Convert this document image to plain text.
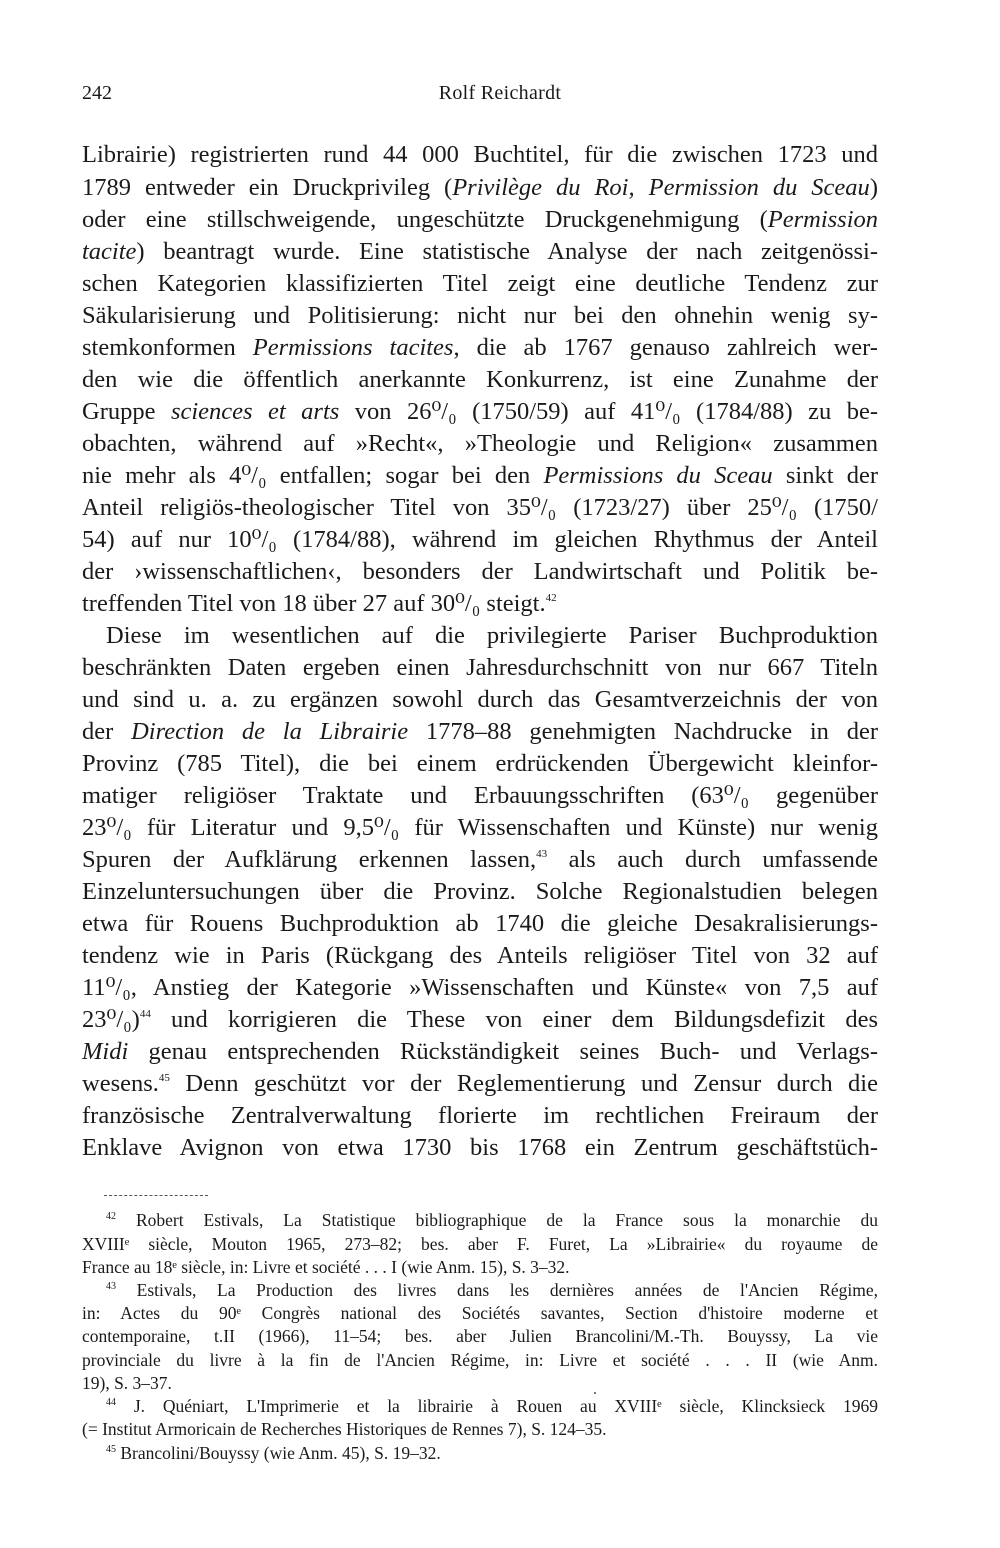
242	Rolf Reichardt
Librairie) registrierten rund 44 000 Buchtitel, für die zwischen 1723 und
1789 entweder ein Druckprivileg (Privilège du Roi, Permission du Sceau)
oder eine stillschweigende, ungeschützte Druckgenehmigung (Permission
tacite) beantragt wurde. Eine statistische Analyse der nach zeitgenössi-
schen Kategorien klassifizierten Titel zeigt eine deutliche Tendenz zur
Säkularisierung und Politisierung: nicht nur bei den ohnehin wenig sy-
stemkonformen Permissions tacites, die ab 1767 genauso zahlreich wer-
den wie die öffentlich anerkannte Konkurrenz, ist eine Zunahme der
Gruppe sciences et arts von 26⁰/₀ (1750/59) auf 41⁰/₀ (1784/88) zu be-
obachten, während auf »Recht«, »Theologie und Religion« zusammen
nie mehr als 4⁰/₀ entfallen; sogar bei den Permissions du Sceau sinkt der
Anteil religiös-theologischer Titel von 35⁰/₀ (1723/27) über 25⁰/₀ (1750/
54) auf nur 10⁰/₀ (1784/88), während im gleichen Rhythmus der Anteil
der ›wissenschaftlichen‹, besonders der Landwirtschaft und Politik be-
treffenden Titel von 18 über 27 auf 30⁰/₀ steigt.$^{42}$
Diese im wesentlichen auf die privilegierte Pariser Buchproduktion
beschränkten Daten ergeben einen Jahresdurchschnitt von nur 667 Titeln
und sind u. a. zu ergänzen sowohl durch das Gesamtverzeichnis der von
der Direction de la Librairie 1778–88 genehmigten Nachdrucke in der
Provinz (785 Titel), die bei einem erdrückenden Übergewicht kleinfor-
matiger religiöser Traktate und Erbauungsschriften (63⁰/₀ gegenüber
23⁰/₀ für Literatur und 9,5⁰/₀ für Wissenschaften und Künste) nur wenig
Spuren der Aufklärung erkennen lassen,$^{43}$ als auch durch umfassende
Einzeluntersuchungen über die Provinz. Solche Regionalstudien belegen
etwa für Rouens Buchproduktion ab 1740 die gleiche Desakralisierungs-
tendenz wie in Paris (Rückgang des Anteils religiöser Titel von 32 auf
11⁰/₀, Anstieg der Kategorie »Wissenschaften und Künste« von 7,5 auf
23⁰/₀)$^{44}$ und korrigieren die These von einer dem Bildungsdefizit des
Midi genau entsprechenden Rückständigkeit seines Buch- und Verlags-
wesens.$^{45}$ Denn geschützt vor der Reglementierung und Zensur durch die
französische Zentralverwaltung florierte im rechtlichen Freiraum der
Enklave Avignon von etwa 1730 bis 1768 ein Zentrum geschäftstüch-
$^{42}$ Robert Estivals, La Statistique bibliographique de la France sous la monarchie du
XVIIIᵉ siècle, Mouton 1965, 273–82; bes. aber F. Furet, La »Librairie« du royaume de
France au 18ᵉ siècle, in: Livre et société . . . I (wie Anm. 15), S. 3–32.
$^{43}$ Estivals, La Production des livres dans les dernières années de l'Ancien Régime,
in: Actes du 90ᵉ Congrès national des Sociétés savantes, Section d'histoire moderne et
contemporaine, t.II (1966), 11–54; bes. aber Julien Brancolini/M.-Th. Bouyssy, La vie
provinciale du livre à la fin de l'Ancien Régime, in: Livre et société . . . II (wie Anm.
19), S. 3–37.
$^{44}$ J. Quéniart, L'Imprimerie et la librairie à Rouen au XVIIIᵉ siècle, Klincksieck 1969
(= Institut Armoricain de Recherches Historiques de Rennes 7), S. 124–35.
$^{45}$ Brancolini/Bouyssy (wie Anm. 45), S. 19–32.
